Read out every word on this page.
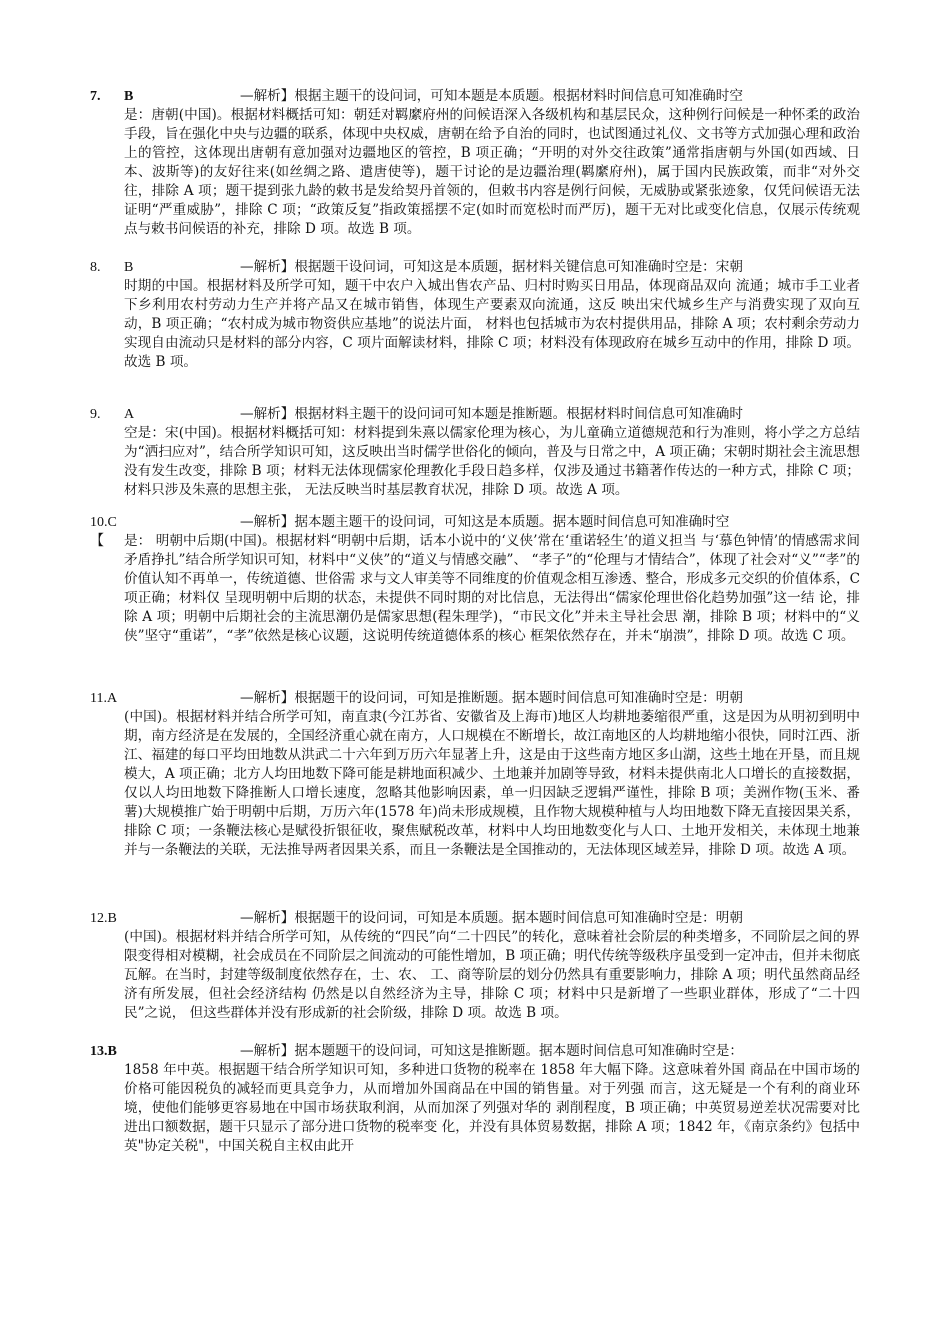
7.	B	—解析】根据主题干的设问词，可知本题是本质题。根据材料时间信息可知准确时空
是：唐朝(中国)。根据材料概括可知：朝廷对羁縻府州的问候语深入各级机构和基层民众，这种例行问候是一种怀柔的政治手段，旨在强化中央与边疆的联系，体现中央权威，唐朝在给予自治的同时，也试图通过礼仪、文书等方式加强心理和政治上的管控，这体现出唐朝有意加强对边疆地区的管控，B 项正确；“开明的对外交往政策”通常指唐朝与外国(如西域、日本、波斯等)的友好往来(如丝绸之路、遣唐使等)，题干讨论的是边疆治理(羁縻府州)，属于国内民族政策，而非“对外交往，排除 A 项；题干提到张九龄的敕书是发给契丹首领的，但敕书内容是例行问候，无威胁或紧张迹象，仅凭问候语无法证明“严重威胁”，排除 C 项；“政策反复”指政策摇摆不定(如时而宽松时而严厉)，题干无对比或变化信息，仅展示传统观点与敕书问候语的补充，排除 D 项。故选 B 项。
8.	B	—解析】根据题干设问词，可知这是本质题，据材料关键信息可知准确时空是：宋朝
时期的中国。根据材料及所学可知，题干中农户入城出售农产品、归村时购买日用品，体现商品双向 流通；城市手工业者下乡利用农村劳动力生产并将产品又在城市销售，体现生产要素双向流通，这反 映出宋代城乡生产与消费实现了双向互动，B 项正确；“农村成为城市物资供应基地”的说法片面， 材料也包括城市为农村提供用品，排除 A 项；农村剩余劳动力实现自由流动只是材料的部分内容，C 项片面解读材料，排除 C 项；材料没有体现政府在城乡互动中的作用，排除 D 项。故选 B 项。
9.	A	—解析】根据材料主题干的设问词可知本题是推断题。根据材料时间信息可知准确时
空是：宋(中国)。根据材料概括可知：材料提到朱熹以儒家伦理为核心，为儿童确立道德规范和行为准则，将小学之方总结为“洒扫应对”，结合所学知识可知，这反映出当时儒学世俗化的倾向，普及与日常之中，A 项正确；宋朝时期社会主流思想没有发生改变，排除 B 项；材料无法体现儒家伦理教化手段日趋多样，仅涉及通过书籍著作传达的一种方式，排除 C 项；材料只涉及朱熹的思想主张， 无法反映当时基层教育状况，排除 D 项。故选 A 项。
10.C【
—解析】据本题主题干的设问词，可知这是本质题。据本题时间信息可知准确时空
是： 明朝中后期(中国)。根据材料“明朝中后期，话本小说中的‘义侠’常在‘重诺轻生’的道义担当 与‘慕色钟情’的情感需求间矛盾挣扎”结合所学知识可知，材料中“义侠”的“道义与情感交融”、 “孝子”的“伦理与才情结合”，体现了社会对“义”“孝”的价值认知不再单一，传统道德、世俗需 求与文人审美等不同维度的价值观念相互渗透、整合，形成多元交织的价值体系，C 项正确；材料仅 呈现明朝中后期的状态，未提供不同时期的对比信息，无法得出“儒家伦理世俗化趋势加强”这一结 论，排除 A 项；明朝中后期社会的主流思潮仍是儒家思想(程朱理学)，“市民文化”并未主导社会思 潮，排除 B 项；材料中的“义侠”坚守“重诺”，“孝”依然是核心议题，这说明传统道德体系的核心 框架依然存在，并未“崩溃”，排除 D 项。故选 C 项。
11.A	—解析】根据题干的设问词，可知是推断题。据本题时间信息可知准确时空是：明朝
(中国)。根据材料并结合所学可知，南直隶(今江苏省、安徽省及上海市)地区人均耕地萎缩很严重，这是因为从明初到明中期，南方经济是在发展的，全国经济重心就在南方，人口规模在不断增长，故江南地区的人均耕地缩小很快，同时江西、浙江、福建的每口平均田地数从洪武二十六年到万历六年显著上升，这是由于这些南方地区多山湖，这些土地在开垦，而且规模大，A 项正确；北方人均田地数下降可能是耕地面积减少、土地兼并加剧等导致，材料未提供南北人口增长的直接数据，仅以人均田地数下降推断人口增长速度，忽略其他影响因素，单一归因缺乏逻辑严谨性，排除 B 项；美洲作物(玉米、番薯)大规模推广始于明朝中后期，万历六年(1578 年)尚未形成规模，且作物大规模种植与人均田地数下降无直接因果关系，排除 C 项；一条鞭法核心是赋役折银征收，聚焦赋税改革，材料中人均田地数变化与人口、土地开发相关，未体现土地兼并与一条鞭法的关联，无法推导两者因果关系，而且一条鞭法是全国推动的，无法体现区域差异，排除 D 项。故选 A 项。
12.B	—解析】根据题干的设问词，可知是本质题。据本题时间信息可知准确时空是：明朝
(中国)。根据材料并结合所学可知，从传统的“四民”向“二十四民”的转化，意味着社会阶层的种类增多，不同阶层之间的界限变得相对模糊，社会成员在不同阶层之间流动的可能性增加，B 项正确；明代传统等级秩序虽受到一定冲击，但并未彻底瓦解。在当时，封建等级制度依然存在，士、农、 工、商等阶层的划分仍然具有重要影响力，排除 A 项；明代虽然商品经济有所发展，但社会经济结构 仍然是以自然经济为主导，排除 C 项；材料中只是新增了一些职业群体，形成了“二十四民”之说， 但这些群体并没有形成新的社会阶级，排除 D 项。故选 B 项。
13.B	—解析】据本题题干的设问词，可知这是推断题。据本题时间信息可知准确时空是：
1858 年中英。根据题干结合所学知识可知，多种进口货物的税率在 1858 年大幅下降。这意味着外国 商品在中国市场的价格可能因税负的减轻而更具竞争力，从而增加外国商品在中国的销售量。对于列强 而言，这无疑是一个有利的商业环境，使他们能够更容易地在中国市场获取利润，从而加深了列强对华的 剥削程度，B 项正确；中英贸易逆差状况需要对比进出口额数据，题干只显示了部分进口货物的税率变 化，并没有具体贸易数据，排除 A 项；1842 年，《南京条约》包括中英"协定关税"，中国关税自主权由此开
